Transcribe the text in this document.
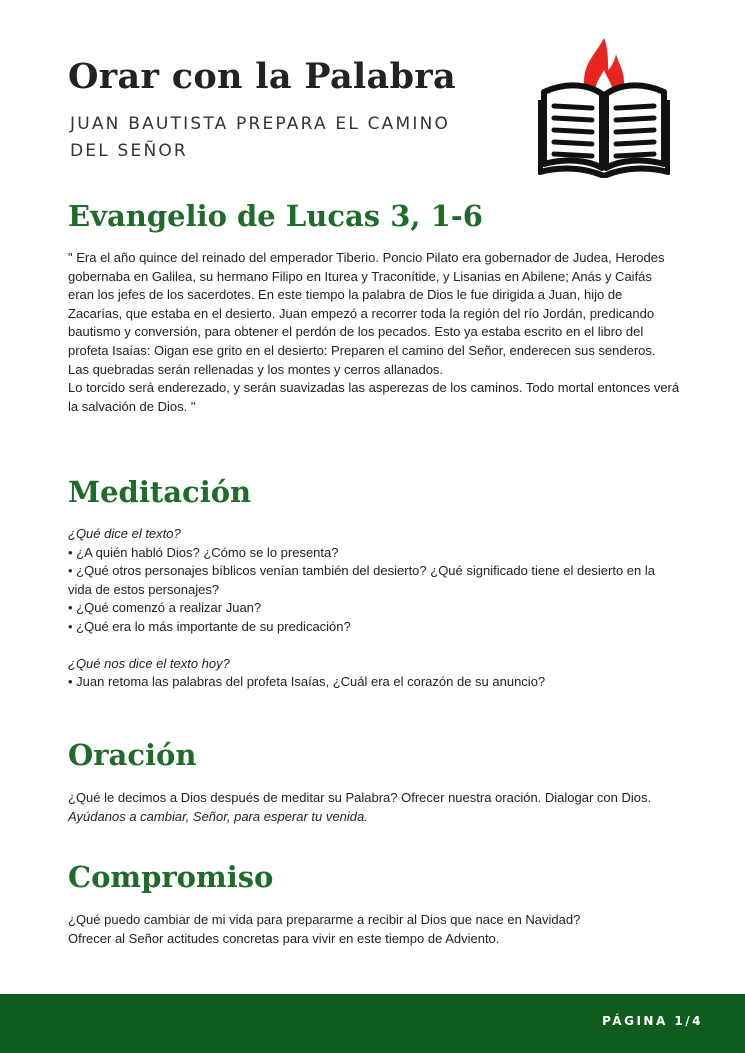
Orar con la Palabra
JUAN BAUTISTA PREPARA EL CAMINO DEL SEÑOR
Evangelio de Lucas 3, 1-6

" Era el año quince del reinado del emperador Tiberio. Poncio Pilato era gobernador de Judea, Herodes gobernaba en Galilea, su hermano Filipo en Iturea y Traconítide, y Lisanias en Abilene; Anás y Caifás eran los jefes de los sacerdotes. En este tiempo la palabra de Dios le fue dirigida a Juan, hijo de Zacarías, que estaba en el desierto. Juan empezó a recorrer toda la región del río Jordán, predicando bautismo y conversión, para obtener el perdón de los pecados. Esto ya estaba escrito en el libro del profeta Isaías: Oigan ese grito en el desierto: Preparen el camino del Señor, enderecen sus senderos. Las quebradas serán rellenadas y los montes y cerros allanados.

Lo torcido será enderezado, y serán suavizadas las asperezas de los caminos. Todo mortal entonces verá la salvación de Dios. "

Meditación

¿Qué dice el texto?

• ¿A quién habló Dios? ¿Cómo se lo presenta?

• ¿Qué otros personajes bíblicos venían también del desierto? ¿Qué significado tiene el desierto en la vida de estos personajes?

• ¿Qué comenzó a realizar Juan?

• ¿Qué era lo más importante de su predicación?

¿Qué nos dice el texto hoy?

• Juan retoma las palabras del profeta Isaías, ¿Cuál era el corazón de su anuncio?

Oración

¿Qué le decimos a Dios después de meditar su Palabra? Ofrecer nuestra oración. Dialogar con Dios.

Ayúdanos a cambiar, Señor, para esperar tu venida.

Compromiso

¿Qué puedo cambiar de mi vida para prepararme a recibir al Dios que nace en Navidad?

Ofrecer al Señor actitudes concretas para vivir en este tiempo de Adviento.

PÁGINA 1/4
